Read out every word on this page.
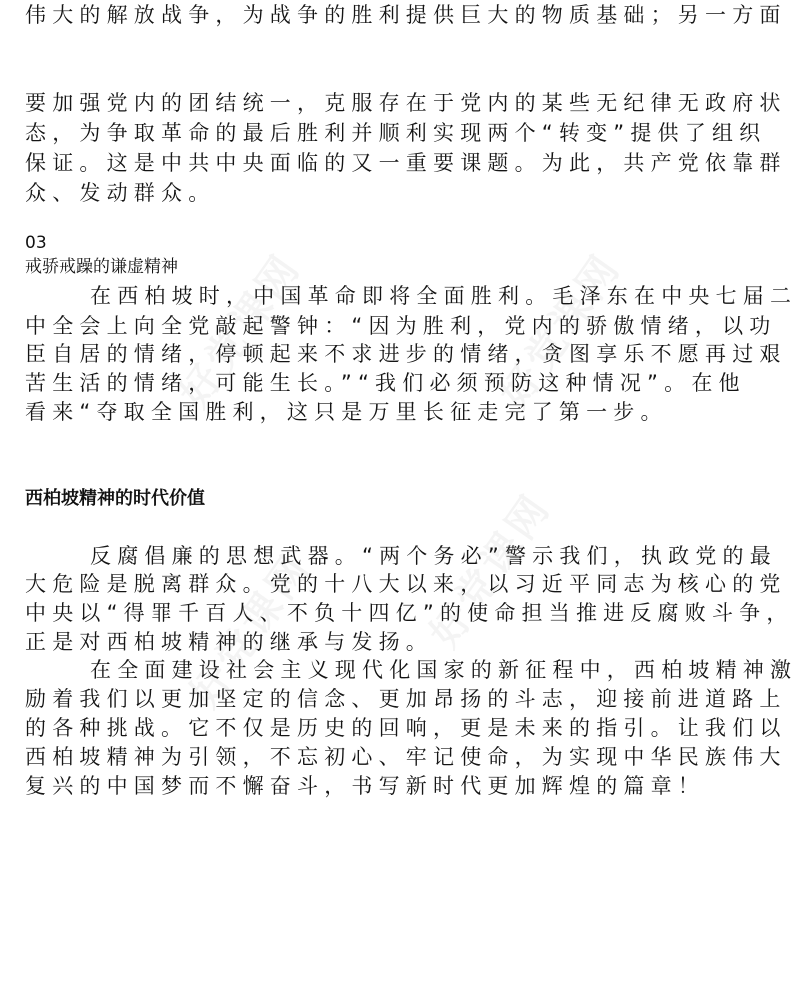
伟大的解放战争，为战争的胜利提供巨大的物质基础；另一方面
要加强党内的团结统一，克服存在于党内的某些无纪律无政府状
态，为争取革命的最后胜利并顺利实现两个“转变”提供了组织
保证。这是中共中央面临的又一重要课题。为此，共产党依靠群
众、发动群众。
03
戒骄戒躁的谦虚精神
在西柏坡时，中国革命即将全面胜利。毛泽东在中央七届二
中全会上向全党敲起警钟：“因为胜利，党内的骄傲情绪，以功
臣自居的情绪，停顿起来不求进步的情绪，贪图享乐不愿再过艰
苦生活的情绪，可能生长。”“我们必须预防这种情况”。在他
看来“夺取全国胜利，这只是万里长征走完了第一步。
西柏坡精神的时代价值
反腐倡廉的思想武器。“两个务必”警示我们，执政党的最
大危险是脱离群众。党的十八大以来，以习近平同志为核心的党
中央以“得罪千百人、不负十四亿”的使命担当推进反腐败斗争，
正是对西柏坡精神的继承与发扬。
在全面建设社会主义现代化国家的新征程中，西柏坡精神激
励着我们以更加坚定的信念、更加昂扬的斗志，迎接前进道路上
的各种挑战。它不仅是历史的回响，更是未来的指引。让我们以
西柏坡精神为引领，不忘初心、牢记使命，为实现中华民族伟大
复兴的中国梦而不懈奋斗，书写新时代更加辉煌的篇章！
